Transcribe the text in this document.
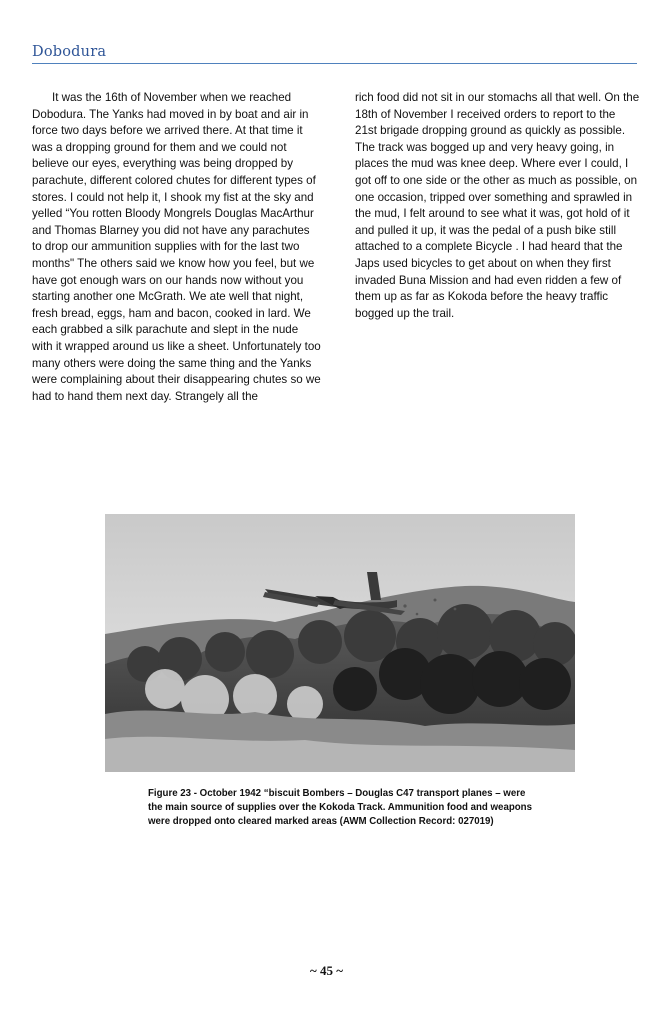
Dobodura

It was the 16th of November when we reached Dobodura. The Yanks had moved in by boat and air in force two days before we arrived there. At that time it was a dropping ground for them and we could not believe our eyes, everything was being dropped by parachute, different colored chutes for different types of stores. I could not help it, I shook my fist at the sky and yelled “You rotten Bloody Mongrels Douglas MacArthur and Thomas Blarney you did not have any parachutes to drop our ammunition supplies with for the last two months" The others said we know how you feel, but we have got enough wars on our hands now without you starting another one McGrath. We ate well that night, fresh bread, eggs, ham and bacon, cooked in lard. We each grabbed a silk parachute and slept in the nude with it wrapped around us like a sheet. Unfortunately too many others were doing the same thing and the Yanks were complaining about their disappearing chutes so we had to hand them next day. Strangely all the

rich food did not sit in our stomachs all that well. On the 18th of November I received orders to report to the 21st brigade dropping ground as quickly as possible. The track was bogged up and very heavy going, in places the mud was knee deep. Where ever I could, I got off to one side or the other as much as possible, on one occasion, tripped over something and sprawled in the mud, I felt around to see what it was, got hold of it and pulled it up, it was the pedal of a push bike still attached to a complete Bicycle . I had heard that the Japs used bicycles to get about on when they first invaded Buna Mission and had even ridden a few of them up as far as Kokoda before the heavy traffic bogged up the trail.

Figure 23 - October 1942 “biscuit Bombers – Douglas C47 transport planes – were the main source of supplies over the Kokoda Track. Ammunition food and weapons were dropped onto cleared marked areas (AWM Collection Record: 027019)

~ 45 ~
